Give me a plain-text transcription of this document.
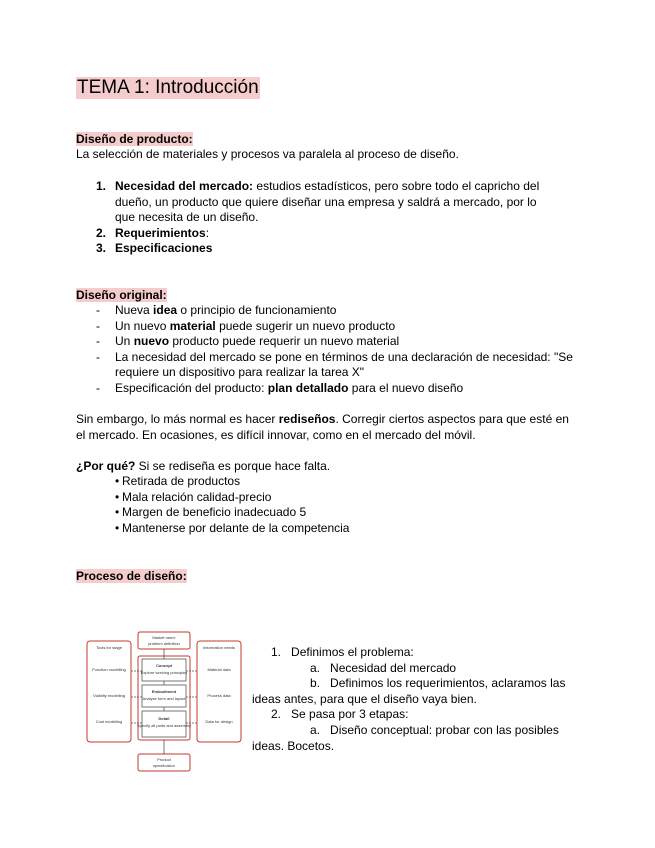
TEMA 1: Introducción
Diseño de producto:
La selección de materiales y procesos va paralela al proceso de diseño.
1. Necesidad del mercado: estudios estadísticos, pero sobre todo el capricho del dueño, un producto que quiere diseñar una empresa y saldrá a mercado, por lo que necesita de un diseño.
2. Requerimientos:
3. Especificaciones
Diseño original:
- Nueva idea o principio de funcionamiento
- Un nuevo material puede sugerir un nuevo producto
- Un nuevo producto puede requerir un nuevo material
- La necesidad del mercado se pone en términos de una declaración de necesidad: "Se requiere un dispositivo para realizar la tarea X"
- Especificación del producto: plan detallado para el nuevo diseño
Sin embargo, lo más normal es hacer rediseños. Corregir ciertos aspectos para que esté en el mercado. En ocasiones, es difícil innovar, como en el mercado del móvil.
¿Por qué? Si se rediseña es porque hace falta.
• Retirada de productos
• Mala relación calidad-precio
• Margen de beneficio inadecuado 5
• Mantenerse por delante de la competencia
Proceso de diseño:
Market need:
problem definition
Tools for stage
Function modelling
Viability modelling
Cost modelling
Information needs
Material data
Process data
Data for design
Concept
Explore working principles
Embodiment
Analyse form and layout
Detail
Specify all parts and assembly
Product
specification
1. Definimos el problema:
a. Necesidad del mercado
b. Definimos los requerimientos, aclaramos las
ideas antes, para que el diseño vaya bien.
2. Se pasa por 3 etapas:
a. Diseño conceptual: probar con las posibles
ideas. Bocetos.
